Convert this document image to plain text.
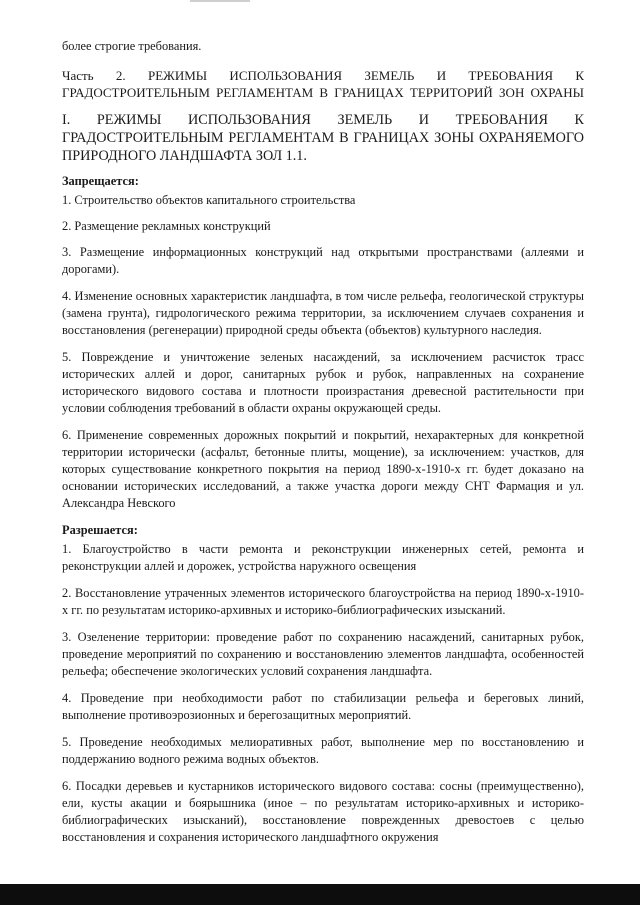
более строгие требования.

Часть 2. РЕЖИМЫ ИСПОЛЬЗОВАНИЯ ЗЕМЕЛЬ И ТРЕБОВАНИЯ К ГРАДОСТРОИТЕЛЬНЫМ РЕГЛАМЕНТАМ В ГРАНИЦАХ ТЕРРИТОРИЙ ЗОН ОХРАНЫ

I. РЕЖИМЫ ИСПОЛЬЗОВАНИЯ ЗЕМЕЛЬ И ТРЕБОВАНИЯ К ГРАДОСТРОИТЕЛЬНЫМ РЕГЛАМЕНТАМ В ГРАНИЦАХ ЗОНЫ ОХРАНЯЕМОГО ПРИРОДНОГО ЛАНДШАФТА ЗОЛ 1.1.

Запрещается:

1. Строительство объектов капитального строительства

2. Размещение рекламных конструкций

3. Размещение информационных конструкций над открытыми пространствами (аллеями и дорогами).

4. Изменение основных характеристик ландшафта, в том числе рельефа, геологической структуры (замена грунта), гидрологического режима территории, за исключением случаев сохранения и восстановления (регенерации) природной среды объекта (объектов) культурного наследия.

5. Повреждение и уничтожение зеленых насаждений, за исключением расчисток трасс исторических аллей и дорог, санитарных рубок и рубок, направленных на сохранение исторического видового состава и плотности произрастания древесной растительности при условии соблюдения требований в области охраны окружающей среды.

6. Применение современных дорожных покрытий и покрытий, нехарактерных для конкретной территории исторически (асфальт, бетонные плиты, мощение), за исключением: участков, для которых существование конкретного покрытия на период 1890-х-1910-х гг. будет доказано на основании исторических исследований, а также участка дороги между СНТ Фармация и ул. Александра Невского

Разрешается:

1. Благоустройство в части ремонта и реконструкции инженерных сетей, ремонта и реконструкции аллей и дорожек, устройства наружного освещения

2. Восстановление утраченных элементов исторического благоустройства на период 1890-х-1910-х гг. по результатам историко-архивных и историко-библиографических изысканий.

3. Озеленение территории: проведение работ по сохранению насаждений, санитарных рубок, проведение мероприятий по сохранению и восстановлению элементов ландшафта, особенностей рельефа; обеспечение экологических условий сохранения ландшафта.

4. Проведение при необходимости работ по стабилизации рельефа и береговых линий, выполнение противоэрозионных и берегозащитных мероприятий.

5. Проведение необходимых мелиоративных работ, выполнение мер по восстановлению и поддержанию водного режима водных объектов.

6. Посадки деревьев и кустарников исторического видового состава: сосны (преимущественно), ели, кусты акации и боярышника (иное – по результатам историко-архивных и историко-библиографических изысканий), восстановление поврежденных древостоев с целью восстановления и сохранения исторического ландшафтного окружения
